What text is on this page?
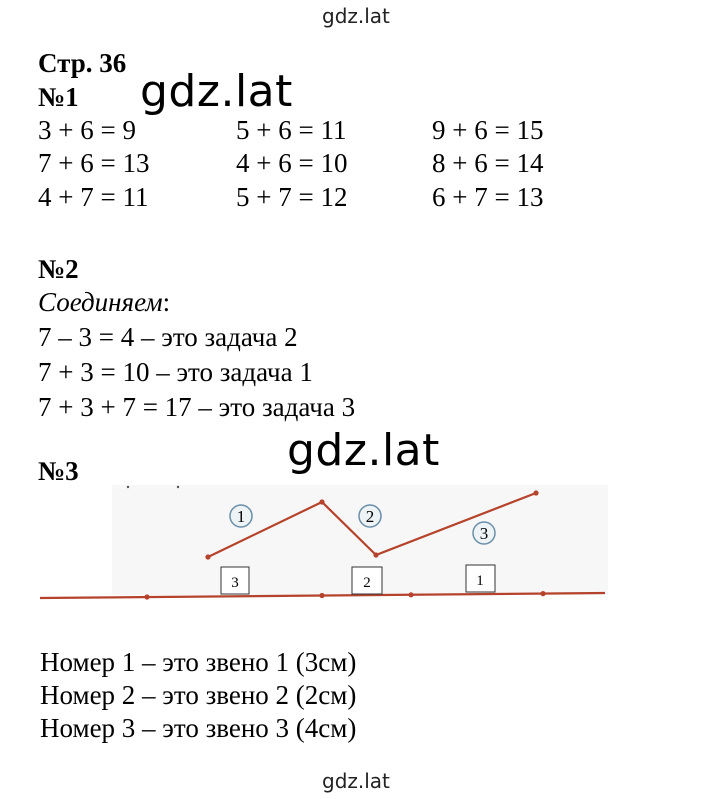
gdz.lat
gdz.lat
gdz.lat
gdz.lat
Стр. 36
№1
3 + 6 = 9	5 + 6 = 11	9 + 6 = 15
7 + 6 = 13	4 + 6 = 10	8 + 6 = 14
4 + 7 = 11	5 + 7 = 12	6 + 7 = 13
№2
Соединяем:
7 – 3 = 4 – это задача 2
7 + 3 = 10 – это задача 1
7 + 3 + 7 = 17 – это задача 3
№3
1	2
3
3	2	1
Номер 1 – это звено 1 (3см)
Номер 2 – это звено 2 (2см)
Номер 3 – это звено 3 (4см)
